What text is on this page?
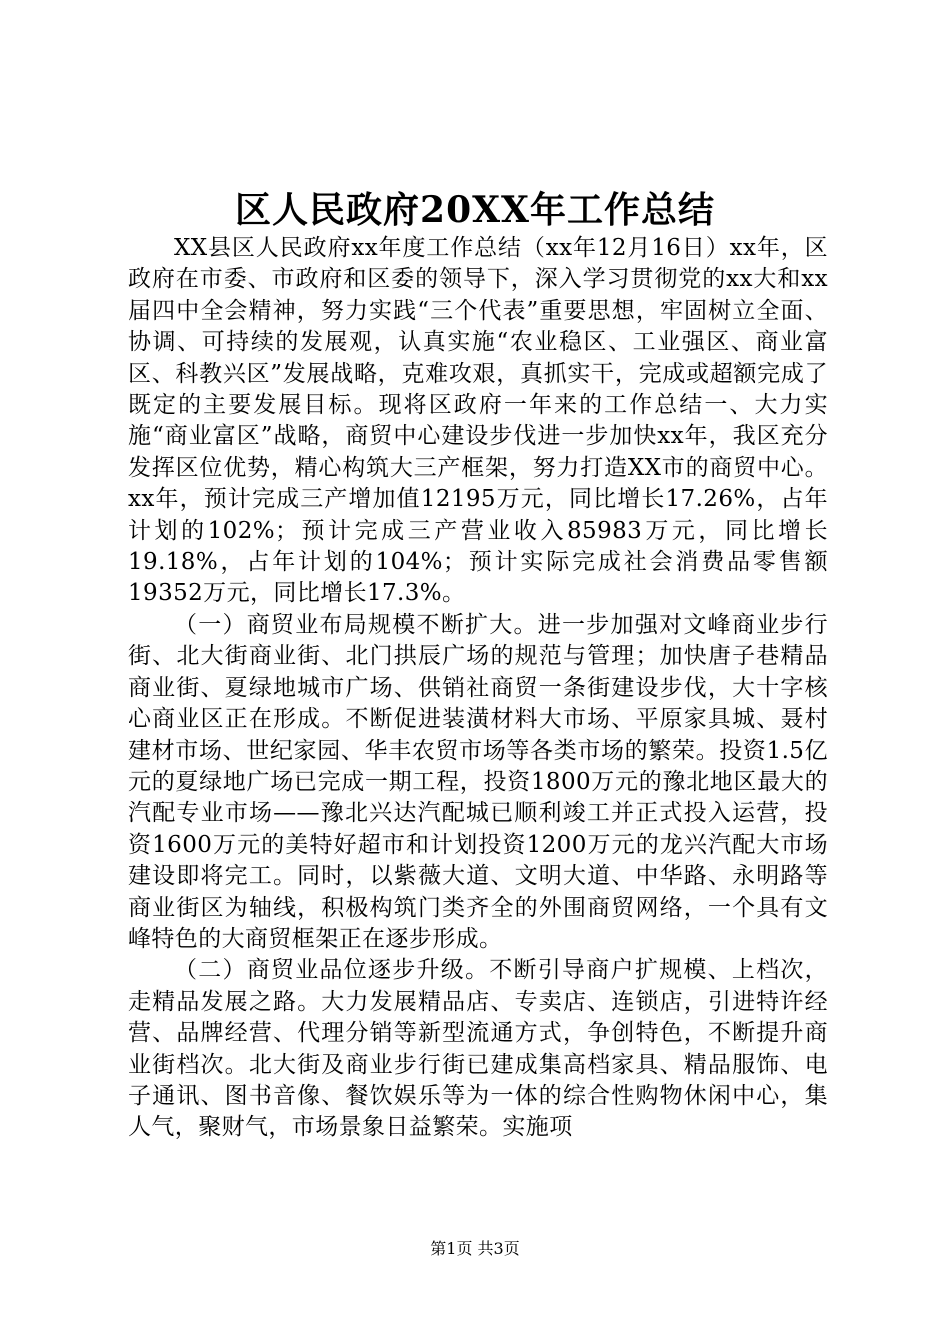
区人民政府20XX年工作总结

XX县区人民政府xx年度工作总结（xx年12月16日）xx年，区政府在市委、市政府和区委的领导下，深入学习贯彻党的xx大和xx届四中全会精神，努力实践“三个代表”重要思想，牢固树立全面、协调、可持续的发展观，认真实施“农业稳区、工业强区、商业富区、科教兴区”发展战略，克难攻艰，真抓实干，完成或超额完成了既定的主要发展目标。现将区政府一年来的工作总结一、大力实施“商业富区”战略，商贸中心建设步伐进一步加快xx年，我区充分发挥区位优势，精心构筑大三产框架，努力打造XX市的商贸中心。xx年，预计完成三产增加值12195万元，同比增长17.26%，占年计划的102%；预计完成三产营业收入85983万元，同比增长19.18%，占年计划的104%；预计实际完成社会消费品零售额19352万元，同比增长17.3%。

（一）商贸业布局规模不断扩大。进一步加强对文峰商业步行街、北大街商业街、北门拱辰广场的规范与管理；加快唐子巷精品商业街、夏绿地城市广场、供销社商贸一条街建设步伐，大十字核心商业区正在形成。不断促进装潢材料大市场、平原家具城、聂村建材市场、世纪家园、华丰农贸市场等各类市场的繁荣。投资1.5亿元的夏绿地广场已完成一期工程，投资1800万元的豫北地区最大的汽配专业市场——豫北兴达汽配城已顺利竣工并正式投入运营，投资1600万元的美特好超市和计划投资1200万元的龙兴汽配大市场建设即将完工。同时，以紫薇大道、文明大道、中华路、永明路等商业街区为轴线，积极构筑门类齐全的外围商贸网络，一个具有文峰特色的大商贸框架正在逐步形成。

（二）商贸业品位逐步升级。不断引导商户扩规模、上档次，走精品发展之路。大力发展精品店、专卖店、连锁店，引进特许经营、品牌经营、代理分销等新型流通方式，争创特色，不断提升商业街档次。北大街及商业步行街已建成集高档家具、精品服饰、电子通讯、图书音像、餐饮娱乐等为一体的综合性购物休闲中心，集人气，聚财气，市场景象日益繁荣。实施项

第1页 共3页
